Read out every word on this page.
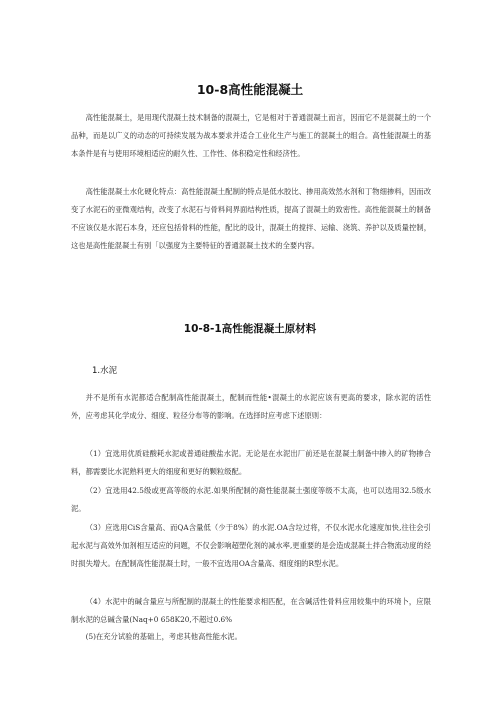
10-8高性能混凝土

高性能混凝土，是用现代混凝土技术制备的混凝土，它是相对于普通混凝土而言，因而它不是混凝土的一个品种，而是以广义的动态的可持续发展为战本要求并适合工业化生产与施工的混凝土的组合。高性能混凝土的基本条件是有与使用环境相适应的耐久性、工作性、体积稳定性和经济性。

高性能混凝土水化硬化特点：高性能混凝土配制的特点是低水胶比、掺用高效然水剂和丁物细掺料，因而改变了水泥石的亚微观结构，改变了水泥石与骨料间界面结构性质，提高了混凝土的致密性。高性能混凝土的制备不应该仅是水泥石本身，还应包括骨料的性能，配比的设计，混凝土的搅拌、运输、浇筑、养护以及质量控制，这也是高性能混凝土有别「以强度为主要特征的普通混凝土技术的全要内容。

10-8-1高性能混凝土原材料
1.水泥

并不是所有水泥都适合配制高性能混凝土，配制而性能•混凝土的水泥应该有更高的要求，除水泥的活性外，应考虑其化学成分、细度、粒径分布等的影响。在选择时应考虑下述原则：

（1）宜选用优质硅酸耗水泥或普通硅酸盐水泥。无论是在水泥出厂前还是在混凝土制备中掺入的矿物掺合料，都需要比水泥熟料更大的细度和更好的颗粒级配。

（2）宜选用42.5级或更高等级的水泥.如果所配制的裔性能混凝土强度等级不太高，也可以选用32.5级水泥。

（3）应选用CiS含量高、而QA含量低（少于8%）的水泥.OA含垃过将，不仅水泥水化速度加快,往往会引起水泥与高效外加剂相互适应的问题，不仅会影响超塑化剂的减水率,更重要的是会造成混凝土拌合物流动度的经时损失增大。在配制高性能混凝土时，一般不宜选用OA含量高、细度细的R型水泥。

（4）水泥中的碱含量应与所配制的混凝土的性能要求相匹配，在含碱活性骨料应用较集中的环境卜，应限制水泥的总碱含量(Naq+0 658K20,不超过0.6%

(5)在充分试验的基础上，考虑其他高性能水泥。
